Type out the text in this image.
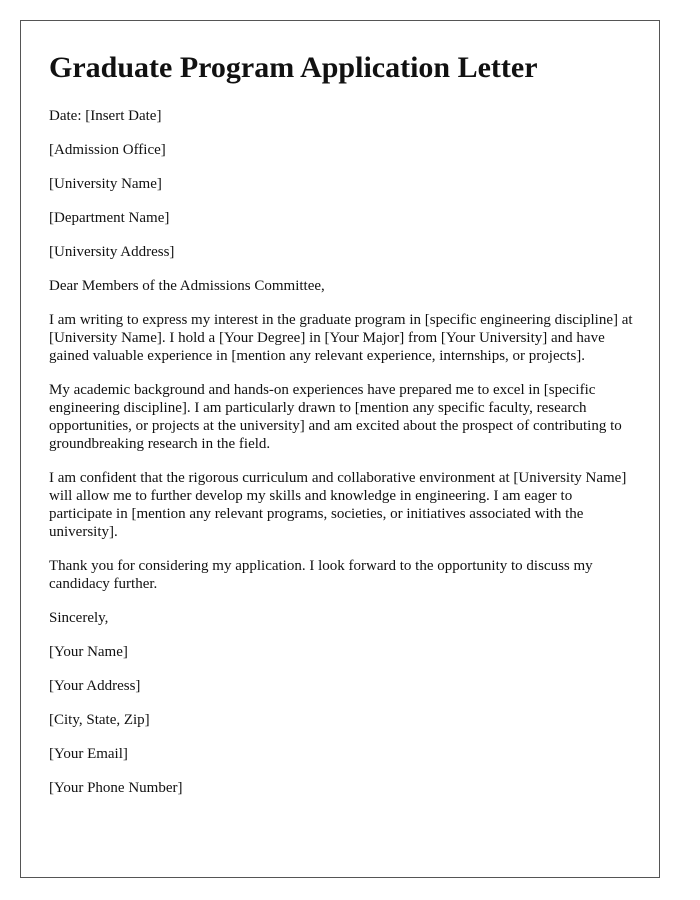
Graduate Program Application Letter

Date: [Insert Date]

[Admission Office]

[University Name]

[Department Name]

[University Address]

Dear Members of the Admissions Committee,

I am writing to express my interest in the graduate program in [specific engineering discipline] at [University Name]. I hold a [Your Degree] in [Your Major] from [Your University] and have gained valuable experience in [mention any relevant experience, internships, or projects].

My academic background and hands-on experiences have prepared me to excel in [specific engineering discipline]. I am particularly drawn to [mention any specific faculty, research opportunities, or projects at the university] and am excited about the prospect of contributing to groundbreaking research in the field.

I am confident that the rigorous curriculum and collaborative environment at [University Name] will allow me to further develop my skills and knowledge in engineering. I am eager to participate in [mention any relevant programs, societies, or initiatives associated with the university].

Thank you for considering my application. I look forward to the opportunity to discuss my candidacy further.

Sincerely,

[Your Name]

[Your Address]

[City, State, Zip]

[Your Email]

[Your Phone Number]
